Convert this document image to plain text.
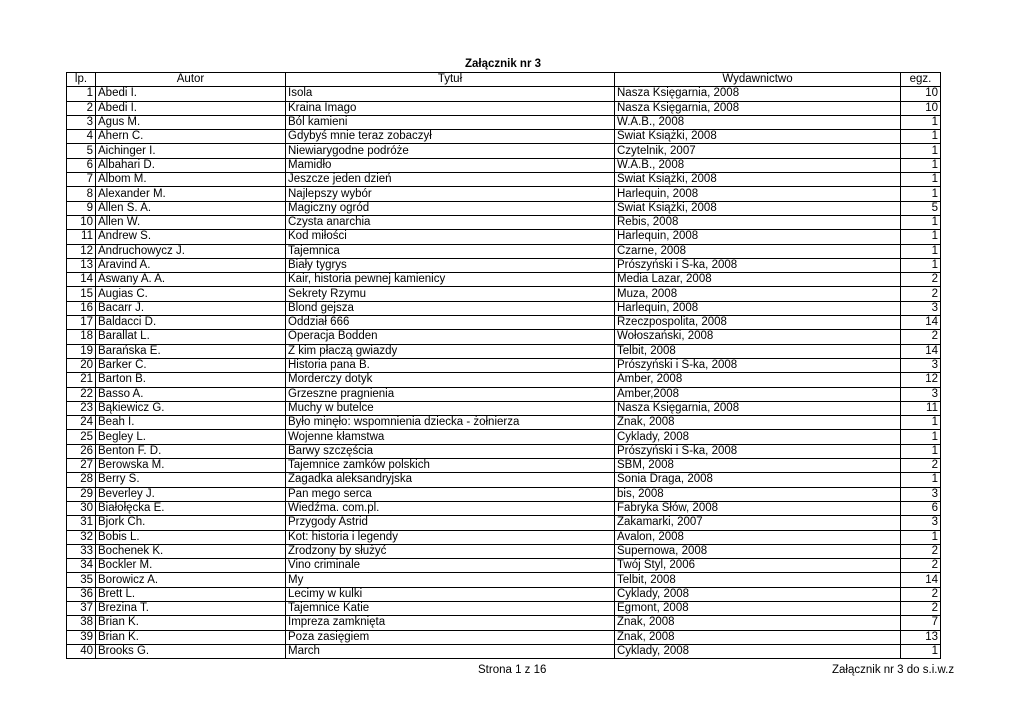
Załącznik nr 3
lp.	Autor	Tytuł	Wydawnictwo	egz.
1	Abedi I.	Isola	Nasza Księgarnia, 2008	10
2	Abedi I.	Kraina Imago	Nasza Księgarnia, 2008	10
3	Agus M.	Ból kamieni	W.A.B., 2008	1
4	Ahern C.	Gdybyś mnie teraz zobaczył	Świat Książki, 2008	1
5	Aichinger I.	Niewiarygodne podróże	Czytelnik, 2007	1
6	Albahari D.	Mamidło	W.A.B., 2008	1
7	Albom M.	Jeszcze jeden dzień	Świat Książki, 2008	1
8	Alexander M.	Najlepszy wybór	Harlequin, 2008	1
9	Allen S. A.	Magiczny ogród	Świat Książki, 2008	5
10	Allen W.	Czysta anarchia	Rebis, 2008	1
11	Andrew S.	Kod miłości	Harlequin, 2008	1
12	Andruchowycz J.	Tajemnica	Czarne, 2008	1
13	Aravind A.	Biały tygrys	Prószyński i S-ka, 2008	1
14	Aswany A. A.	Kair, historia pewnej kamienicy	Media Lazar, 2008	2
15	Augias C.	Sekrety Rzymu	Muza, 2008	2
16	Bacarr J.	Blond gejsza	Harlequin, 2008	3
17	Baldacci D.	Oddział 666	Rzeczpospolita, 2008	14
18	Barallat L.	Operacja Bodden	Wołoszański, 2008	2
19	Barańska E.	Z kim płaczą gwiazdy	Telbit, 2008	14
20	Barker C.	Historia pana B.	Prószyński i S-ka, 2008	3
21	Barton B.	Morderczy dotyk	Amber, 2008	12
22	Basso A.	Grzeszne pragnienia	Amber,2008	3
23	Bąkiewicz G.	Muchy w butelce	Nasza Księgarnia, 2008	11
24	Beah I.	Było minęło: wspomnienia dziecka - żołnierza	Znak, 2008	1
25	Begley L.	Wojenne kłamstwa	Cyklady, 2008	1
26	Benton F. D.	Barwy szczęścia	Prószyński i S-ka, 2008	1
27	Berowska M.	Tajemnice zamków polskich	SBM, 2008	2
28	Berry S.	Zagadka aleksandryjska	Sonia Draga, 2008	1
29	Beverley J.	Pan mego serca	bis, 2008	3
30	Białołęcka E.	Wiedźma. com.pl.	Fabryka Słów, 2008	6
31	Bjork Ch.	Przygody Astrid	Zakamarki, 2007	3
32	Bobis L.	Kot: historia i legendy	Avalon, 2008	1
33	Bochenek K.	Zrodzony by służyć	Supernowa, 2008	2
34	Bockler M.	Vino criminale	Twój Styl, 2006	2
35	Borowicz A.	My	Telbit, 2008	14
36	Brett L.	Lecimy w kulki	Cyklady, 2008	2
37	Brezina T.	Tajemnice Katie	Egmont, 2008	2
38	Brian K.	Impreza zamknięta	Znak, 2008	7
39	Brian K.	Poza zasięgiem	Znak, 2008	13
40	Brooks G.	March	Cyklady, 2008	1
Strona 1 z 16	Załącznik nr 3 do s.i.w.z
